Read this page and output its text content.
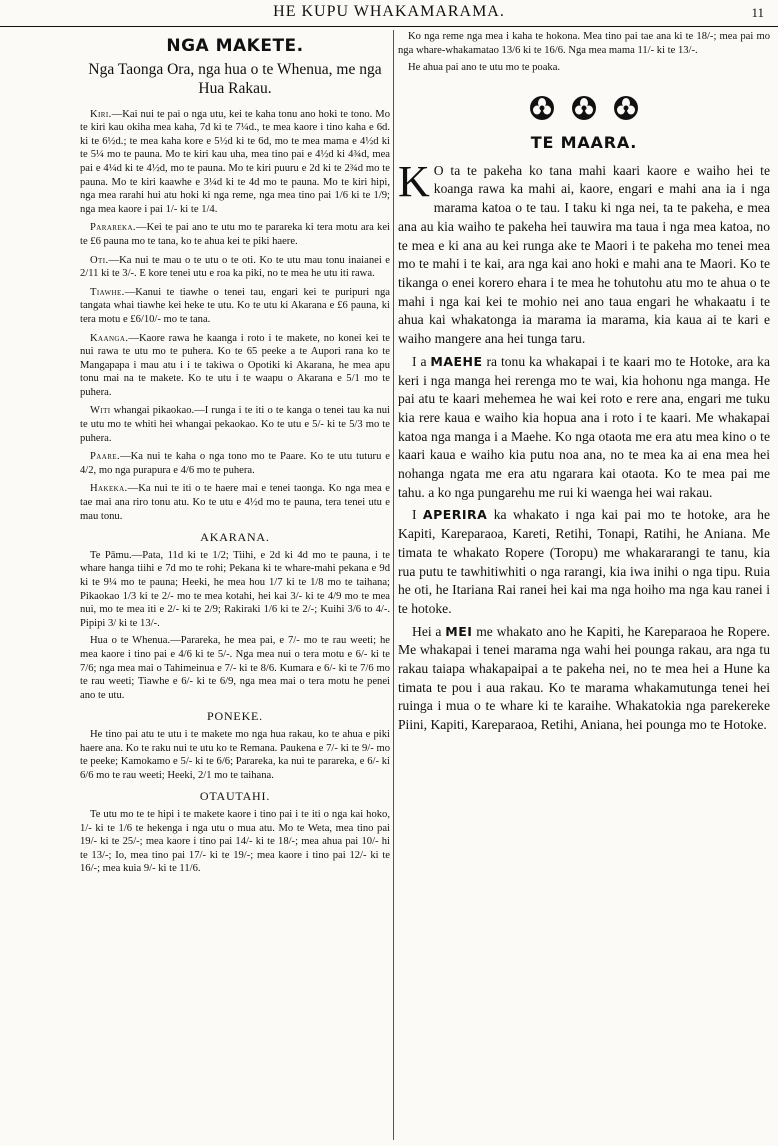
HE KUPU WHAKAMARAMA.	11
NGA MAKETE.
Nga Taonga Ora, nga hua o te Whenua, me nga Hua Rakau.

Kiri.—Kai nui te pai o nga utu, kei te kaha tonu ano hoki te tono. Mo te kiri kau okiha mea kaha, 7d ki te 7¼d., te mea kaore i tino kaha e 6d. ki te 6½d.; te mea kaha kore e 5½d ki te 6d, mo te mea mama e 4½d ki te 5¼ mo te pauna. Mo te kiri kau uha, mea tino pai e 4½d ki 4¾d, mea pai e 4¼d ki te 4½d, mo te pauna. Mo te kiri puuru e 2d ki te 2¾d mo te pauna. Mo te kiri kaawhe e 3¼d ki te 4d mo te pauna. Mo te kiri hipi, nga mea rarahi hui atu hoki ki nga reme, nga mea tino pai 1/6 ki te 1/9; nga mea kaore i pai 1/- ki te 1/4.

Parareka.—Kei te pai ano te utu mo te parareka ki tera motu ara kei te £6 pauna mo te tana, ko te ahua kei te piki haere.

Oti.—Ka nui te mau o te utu o te oti. Ko te utu mau tonu inaianei e 2/11 ki te 3/-. E kore tenei utu e roa ka piki, no te mea he utu iti rawa.

Tiawhe.—Kanui te tiawhe o tenei tau, engari kei te puripuri nga tangata whai tiawhe kei heke te utu. Ko te utu ki Akarana e £6 pauna, ki tera motu e £6/10/- mo te tana.

Kaanga.—Kaore rawa he kaanga i roto i te makete, no konei kei te nui rawa te utu mo te puhera. Ko te 65 peeke a te Aupori rana ko te Mangapapa i mau atu i i te takiwa o Opotiki ki Akarana, he mea apu tonu mai na te makete. Ko te utu i te waapu o Akarana e 5/1 mo te puhera.

Witi whangai pikaokao.—I runga i te iti o te kanga o tenei tau ka nui te utu mo te whiti hei whangai pekaokao. Ko te utu e 5/- ki te 5/3 mo te puhera.

Paare.—Ka nui te kaha o nga tono mo te Paare. Ko te utu tuturu e 4/2, mo nga purapura e 4/6 mo te puhera.

Hakeka.—Ka nui te iti o te haere mai e tenei taonga. Ko nga mea e tae mai ana riro tonu atu. Ko te utu e 4½d mo te pauna, tera tenei utu e mau tonu.

AKARANA.

Te Pāmu.—Pata, 11d ki te 1/2; Tiihi, e 2d ki 4d mo te pauna, i te whare hanga tiihi e 7d mo te rohi; Pekana ki te whare-mahi pekana e 9d ki te 9¼ mo te pauna; Heeki, he mea hou 1/7 ki te 1/8 mo te taihana; Pikaokao 1/3 ki te 2/- mo te mea kotahi, hei kai 3/- ki te 4/9 mo te mea nui, mo te mea iti e 2/- ki te 2/9; Rakiraki 1/6 ki te 2/-; Kuihi 3/6 to 4/-. Pipipi 3/ ki te 13/-.

Hua o te Whenua.—Parareka, he mea pai, e 7/- mo te rau weeti; he mea kaore i tino pai e 4/6 ki te 5/-. Nga mea nui o tera motu e 6/- ki te 7/6; nga mea mai o Tahimeinua e 7/- ki te 8/6. Kumara e 6/- ki te 7/6 mo te rau weeti; Tiawhe e 6/- ki te 6/9, nga mea mai o tera motu he penei ano te utu.

PONEKE.

He tino pai atu te utu i te makete mo nga hua rakau, ko te ahua e piki haere ana. Ko te raku nui te utu ko te Remana. Paukena e 7/- ki te 9/- mo te peeke; Kamokamo e 5/- ki te 6/6; Parareka, ka nui te parareka, e 6/- ki 6/6 mo te rau weeti; Heeki, 2/1 mo te taihana.

OTAUTAHI.

Te utu mo te te hipi i te makete kaore i tino pai i te iti o nga kai hoko, 1/- ki te 1/6 te hekenga i nga utu o mua atu. Mo te Weta, mea tino pai 19/- ki te 25/-; mea kaore i tino pai 14/- ki te 18/-; mea ahua pai 10/- hi te 13/-; Io, mea tino pai 17/- ki te 19/-; mea kaore i tino pai 12/- ki te 16/-; mea kuia 9/- ki te 11/6.

Ko nga reme nga mea i kaha te hokona. Mea tino pai tae ana ki te 18/-; mea pai mo nga whare-whakamatao 13/6 ki te 16/6. Nga mea mama 11/- ki te 13/-.

He ahua pai ano te utu mo te poaka.

TE MAARA.

K O ta te pakeha ko tana mahi kaari kaore e waiho hei te koanga rawa ka mahi ai, kaore, engari e mahi ana ia i nga marama katoa o te tau. I taku ki nga nei, ta te pakeha, e mea ana au kia waiho te pakeha hei tauwira ma taua i nga mea katoa, no te mea e ki ana au kei runga ake te Maori i te pakeha mo tenei mea mo te mahi i te kai, ara nga kai ano hoki e mahi ana te Maori. Ko te tikanga o enei korero ehara i te mea he tohutohu atu mo te ahua o te mahi i nga kai kei te mohio nei ano taua engari he whakaatu i te ahua kai whakatonga ia marama ia marama, kia kaua ai te kari e waiho mangere ana hei tunga taru.

I a MAEHE ra tonu ka whakapai i te kaari mo te Hotoke, ara ka keri i nga manga hei rerenga mo te wai, kia hohonu nga manga. He pai atu te kaari mehemea he wai kei roto e rere ana, engari me tuku kia rere kaua e waiho kia hopua ana i roto i te kaari. Me whakapai katoa nga manga i a Maehe. Ko nga otaota me era atu mea kino o te kaari kaua e waiho kia putu noa ana, no te mea ka ai ena mea hei nohanga ngata me era atu ngarara kai otaota. Ko te mea pai me tahu. a ko nga pungarehu me rui ki waenga hei wai rakau.

I APERIRA ka whakato i nga kai pai mo te hotoke, ara he Kapiti, Kareparaoa, Kareti, Retihi, Tonapi, Ratihi, he Aniana. Me timata te whakato Ropere (Toropu) me whakararangi te tanu, kia rua putu te tawhitiwhiti o nga rarangi, kia iwa inihi o nga tipu. Ruia he oti, he Itariana Rai ranei hei kai ma nga hoiho ma nga kau ranei i te hotoke.

Hei a MEI me whakato ano he Kapiti, he Kareparaoa he Ropere. Me whakapai i tenei marama nga wahi hei pounga rakau, ara nga tu rakau taiapa whakapaipai a te pakeha nei, no te mea hei a Hune ka timata te pou i aua rakau. Ko te marama whakamutunga tenei hei ruinga i mua o te whare ki te karaihe. Whakatokia nga parekereke Piini, Kapiti, Kareparaoa, Retihi, Aniana, hei pounga mo te Hotoke.
